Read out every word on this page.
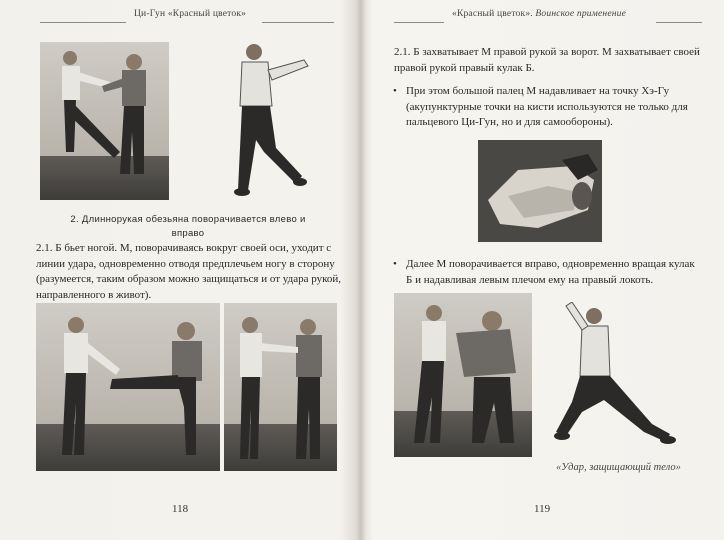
Ци-Гун «Красный цветок»
2. Длиннорукая обезьяна поворачивается влево и вправо
2.1. Б бьет ногой. М, поворачиваясь вокруг своей оси, уходит с линии удара, одновременно отводя предплечьем ногу в сторону (разумеется, таким образом можно защищаться и от удара рукой, направленного в живот).
118
«Красный цветок». Воинское применение
2.1. Б захватывает М правой рукой за ворот. М захватывает своей правой рукой правый кулак Б.
• При этом большой палец М надавливает на точку Хэ-Гу (акупунктурные точки на кисти используются не только для пальцевого Ци-Гун, но и для самообороны).
• Далее М поворачивается вправо, одновременно вращая кулак Б и надавливая левым плечом ему на правый локоть.
«Удар, защищающий тело»
119
